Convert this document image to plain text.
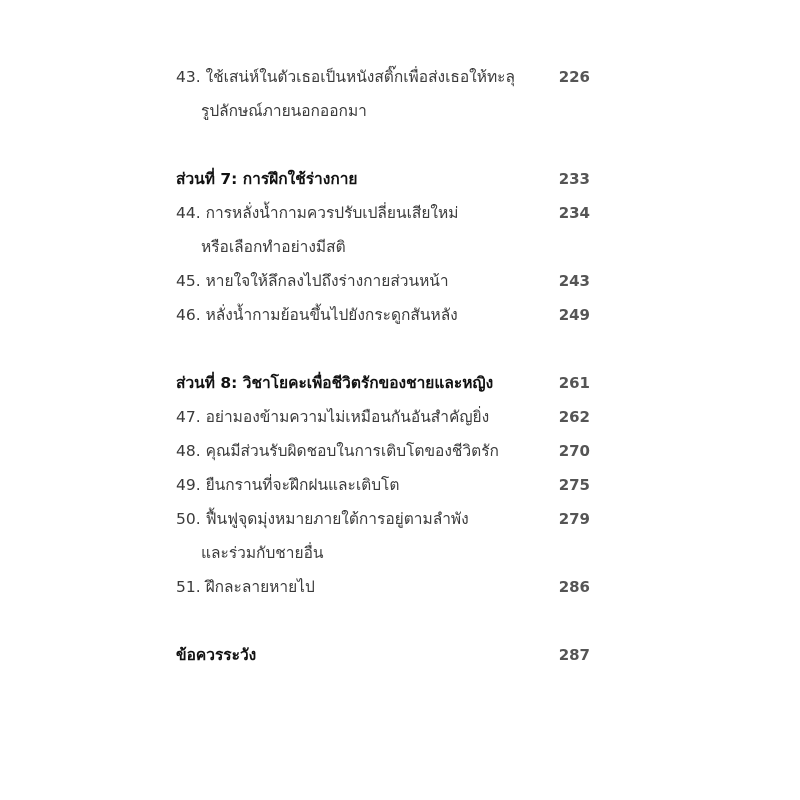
43. ใช้เสน่ห์ในตัวเธอเป็นหนังสติ๊กเพื่อส่งเธอให้ทะลุ	226
รูปลักษณ์ภายนอกออกมา
ส่วนที่ 7: การฝึกใช้ร่างกาย	233
44. การหลั่งน้ำกามควรปรับเปลี่ยนเสียใหม่	234
หรือเลือกทำอย่างมีสติ
45. หายใจให้ลึกลงไปถึงร่างกายส่วนหน้า	243
46. หลั่งน้ำกามย้อนขึ้นไปยังกระดูกสันหลัง	249
ส่วนที่ 8: วิชาโยคะเพื่อชีวิตรักของชายและหญิง	261
47. อย่ามองข้ามความไม่เหมือนกันอันสำคัญยิ่ง	262
48. คุณมีส่วนรับผิดชอบในการเติบโตของชีวิตรัก	270
49. ยืนกรานที่จะฝึกฝนและเติบโต	275
50. ฟื้นฟูจุดมุ่งหมายภายใต้การอยู่ตามลำพัง	279
และร่วมกับชายอื่น
51. ฝึกละลายหายไป	286
ข้อควรระวัง	287
